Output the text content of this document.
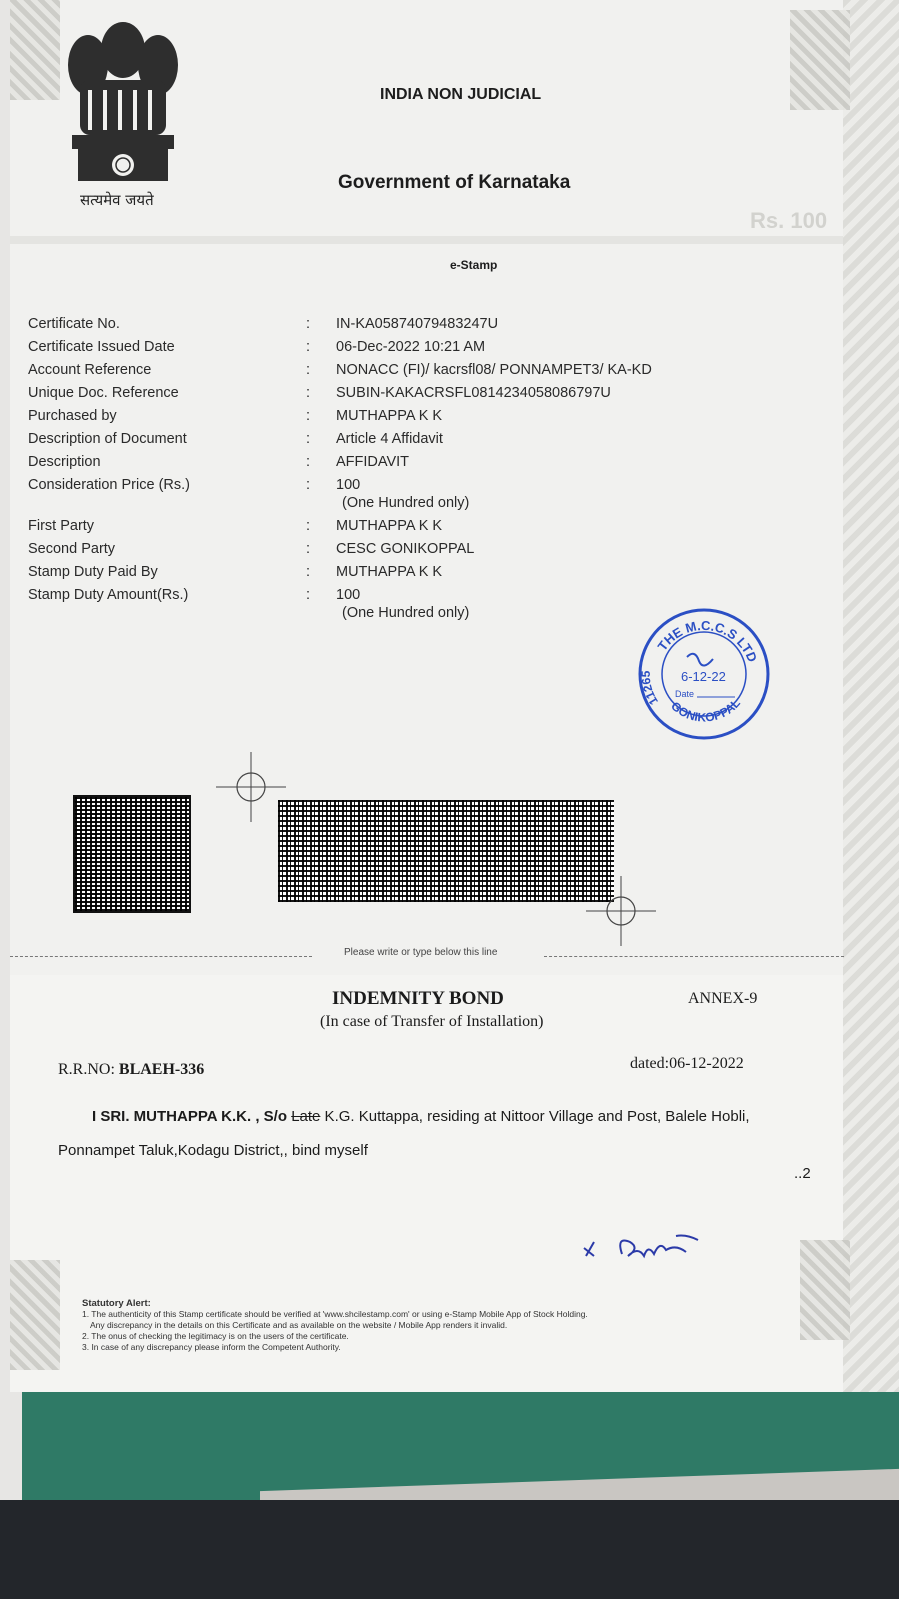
सत्यमेव जयते
INDIA NON JUDICIAL
Government of Karnataka
Rs. 100
e-Stamp
Certificate No.	:	IN-KA05874079483247U
Certificate Issued Date	:	06-Dec-2022 10:21 AM
Account Reference	:	NONACC (FI)/ kacrsfl08/ PONNAMPET3/ KA-KD
Unique Doc. Reference	:	SUBIN-KAKACRSFL0814234058086797U
Purchased by	:	MUTHAPPA K K
Description of Document	:	Article 4 Affidavit
Description	:	AFFIDAVIT
Consideration Price (Rs.)	:	100
(One Hundred only)
First Party	:	MUTHAPPA K K
Second Party	:	CESC GONIKOPPAL
Stamp Duty Paid By	:	MUTHAPPA K K
Stamp Duty Amount(Rs.)	:	100
(One Hundred only)
THE M.C.C.S LTD
11265
GONIKOPPAL
6-12-22
Date
Please write or type below this line
INDEMNITY BOND	ANNEX-9
(In case of Transfer of Installation)
R.R.NO: BLAEH-336	dated:06-12-2022
I SRI. MUTHAPPA K.K. , S/o Late K.G. Kuttappa, residing at Nittoor Village and Post, Balele Hobli,
Ponnampet Taluk,Kodagu District,, bind myself
..2
Statutory Alert:
1. The authenticity of this Stamp certificate should be verified at 'www.shcilestamp.com' or using e-Stamp Mobile App of Stock Holding.
Any discrepancy in the details on this Certificate and as available on the website / Mobile App renders it invalid.
2. The onus of checking the legitimacy is on the users of the certificate.
3. In case of any discrepancy please inform the Competent Authority.
